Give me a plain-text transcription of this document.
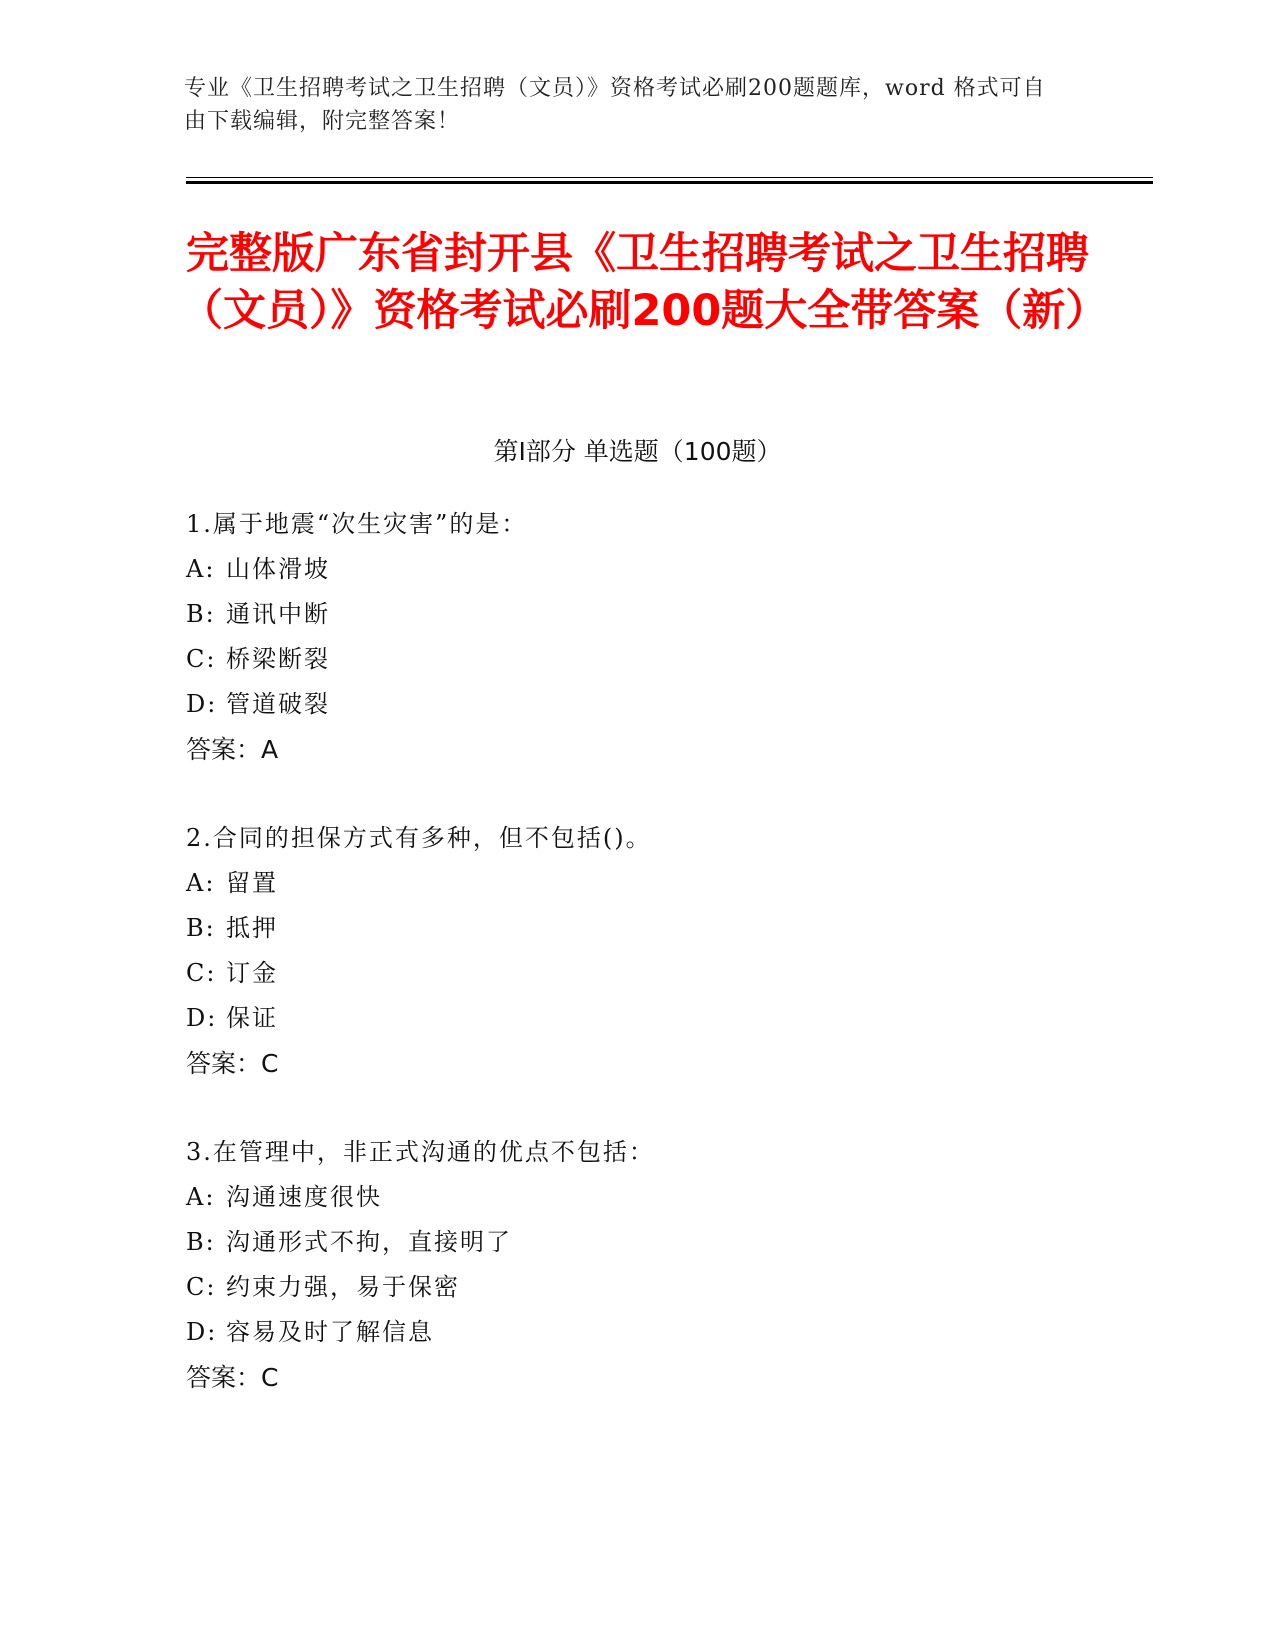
专业《卫生招聘考试之卫生招聘（文员）》资格考试必刷200题题库，word 格式可自由下载编辑，附完整答案！
完整版广东省封开县《卫生招聘考试之卫生招聘（文员）》资格考试必刷200题大全带答案（新）
第Ⅰ部分 单选题（100题）
1.属于地震“次生灾害”的是：
A: 山体滑坡
B: 通讯中断
C: 桥梁断裂
D: 管道破裂
答案：A
2.合同的担保方式有多种，但不包括()。
A: 留置
B: 抵押
C: 订金
D: 保证
答案：C
3.在管理中，非正式沟通的优点不包括：
A: 沟通速度很快
B: 沟通形式不拘，直接明了
C: 约束力强，易于保密
D: 容易及时了解信息
答案：C
